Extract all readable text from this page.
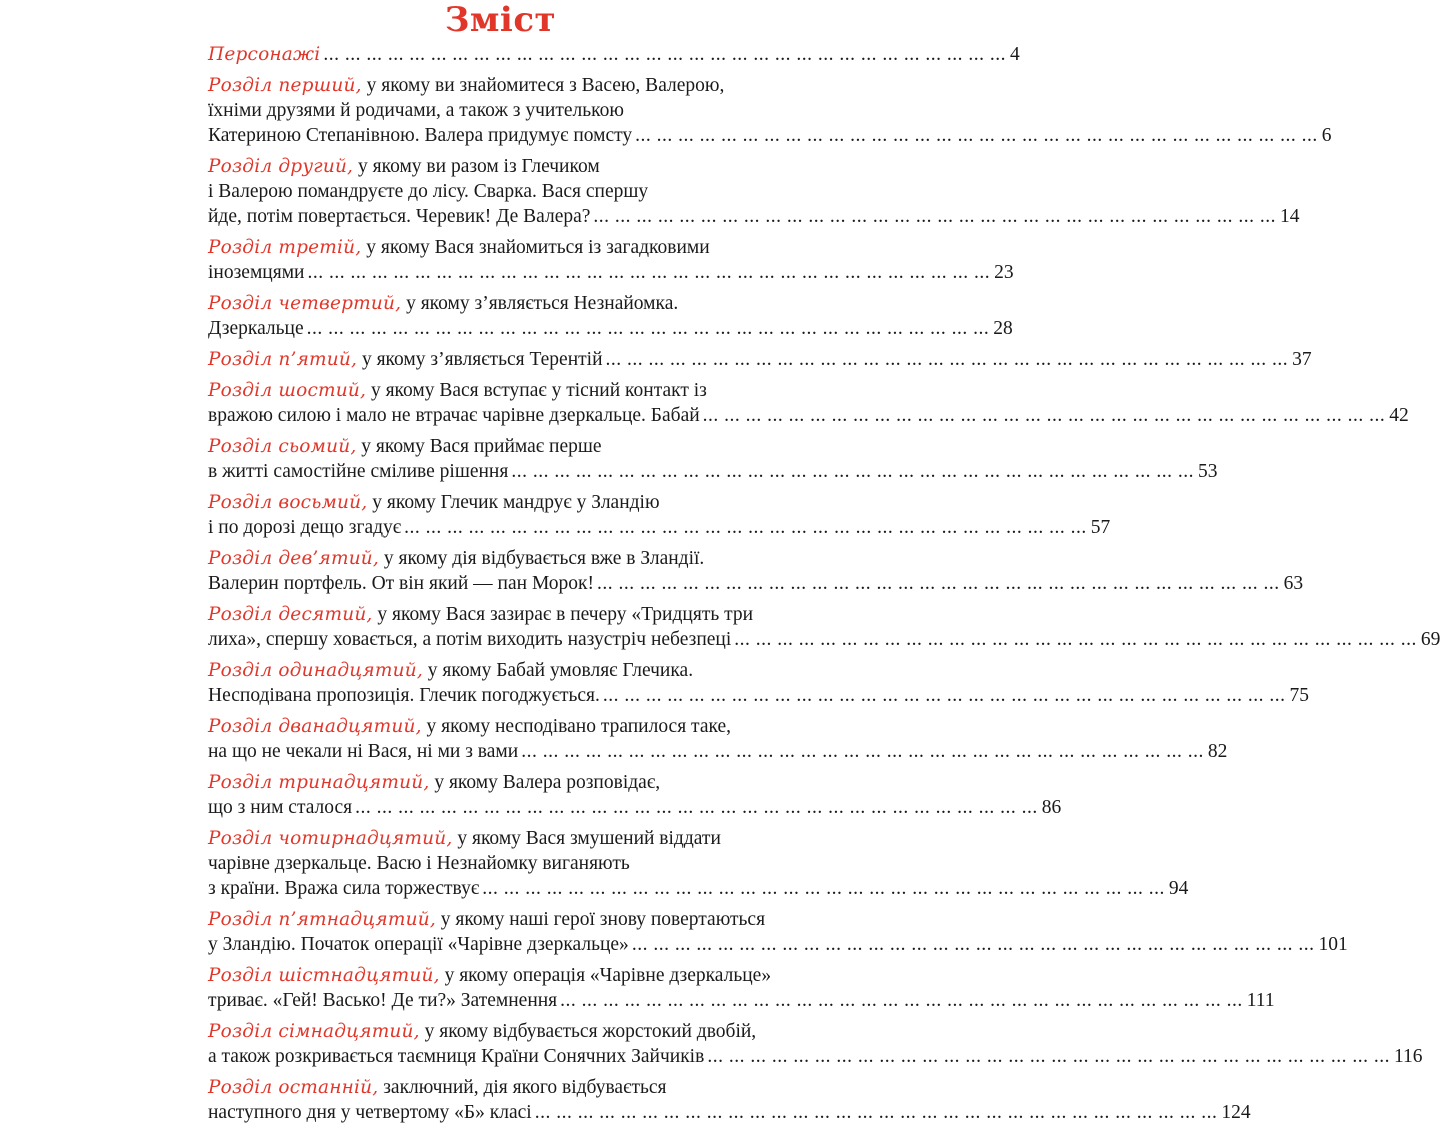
Зміст
Персонажі ... ... ... ... ... ... ... ... ... ... ... ... ... ... ... ... ... ... ... ... ... ... ... ... ... ... ... ... ... ... ... ... 4
Розділ перший, у якому ви знайомитеся з Васею, Валерою,
їхніми друзями й родичами, а також з учителькою
Катериною Степанівною. Валера придумує помсту ... ... ... ... ... ... ... ... ... ... ... ... ... ... ... ... ... ... ... ... ... ... ... ... ... ... ... ... ... ... ... ... 6
Розділ другий, у якому ви разом із Глечиком
і Валерою помандруєте до лісу. Сварка. Вася спершу
йде, потім повертається. Черевик! Де Валера? ... ... ... ... ... ... ... ... ... ... ... ... ... ... ... ... ... ... ... ... ... ... ... ... ... ... ... ... ... ... ... ... 14
Розділ третій, у якому Вася знайомиться із загадковими
іноземцями ... ... ... ... ... ... ... ... ... ... ... ... ... ... ... ... ... ... ... ... ... ... ... ... ... ... ... ... ... ... ... ... 23
Розділ четвертий, у якому з’являється Незнайомка.
Дзеркальце ... ... ... ... ... ... ... ... ... ... ... ... ... ... ... ... ... ... ... ... ... ... ... ... ... ... ... ... ... ... ... ... 28
Розділ п’ятий, у якому з’являється Терентій ... ... ... ... ... ... ... ... ... ... ... ... ... ... ... ... ... ... ... ... ... ... ... ... ... ... ... ... ... ... ... ... 37
Розділ шостий, у якому Вася вступає у тісний контакт із
вражою силою і мало не втрачає чарівне дзеркальце. Бабай ... ... ... ... ... ... ... ... ... ... ... ... ... ... ... ... ... ... ... ... ... ... ... ... ... ... ... ... ... ... ... ... 42
Розділ сьомий, у якому Вася приймає перше
в житті самостійне сміливе рішення ... ... ... ... ... ... ... ... ... ... ... ... ... ... ... ... ... ... ... ... ... ... ... ... ... ... ... ... ... ... ... ... 53
Розділ восьмий, у якому Глечик мандрує у Зландію
і по дорозі дещо згадує ... ... ... ... ... ... ... ... ... ... ... ... ... ... ... ... ... ... ... ... ... ... ... ... ... ... ... ... ... ... ... ... 57
Розділ дев’ятий, у якому дія відбувається вже в Зландії.
Валерин портфель. От він який — пан Морок! ... ... ... ... ... ... ... ... ... ... ... ... ... ... ... ... ... ... ... ... ... ... ... ... ... ... ... ... ... ... ... ... 63
Розділ десятий, у якому Вася зазирає в печеру «Тридцять три
лиха», спершу ховається, а потім виходить назустріч небезпеці ... ... ... ... ... ... ... ... ... ... ... ... ... ... ... ... ... ... ... ... ... ... ... ... ... ... ... ... ... ... ... ... 69
Розділ одинадцятий, у якому Бабай умовляє Глечика.
Несподівана пропозиція. Глечик погоджується. ... ... ... ... ... ... ... ... ... ... ... ... ... ... ... ... ... ... ... ... ... ... ... ... ... ... ... ... ... ... ... ... 75
Розділ дванадцятий, у якому несподівано трапилося таке,
на що не чекали ні Вася, ні ми з вами ... ... ... ... ... ... ... ... ... ... ... ... ... ... ... ... ... ... ... ... ... ... ... ... ... ... ... ... ... ... ... ... 82
Розділ тринадцятий, у якому Валера розповідає,
що з ним сталося ... ... ... ... ... ... ... ... ... ... ... ... ... ... ... ... ... ... ... ... ... ... ... ... ... ... ... ... ... ... ... ... 86
Розділ чотирнадцятий, у якому Вася змушений віддати
чарівне дзеркальце. Васю і Незнайомку виганяють
з країни. Вража сила торжествує ... ... ... ... ... ... ... ... ... ... ... ... ... ... ... ... ... ... ... ... ... ... ... ... ... ... ... ... ... ... ... ... 94
Розділ п’ятнадцятий, у якому наші герої знову повертаються
у Зландію. Початок операції «Чарівне дзеркальце» ... ... ... ... ... ... ... ... ... ... ... ... ... ... ... ... ... ... ... ... ... ... ... ... ... ... ... ... ... ... ... ... 101
Розділ шістнадцятий, у якому операція «Чарівне дзеркальце»
триває. «Гей! Васько! Де ти?» Затемнення ... ... ... ... ... ... ... ... ... ... ... ... ... ... ... ... ... ... ... ... ... ... ... ... ... ... ... ... ... ... ... ... 111
Розділ сімнадцятий, у якому відбувається жорстокий двобій,
а також розкривається таємниця Країни Сонячних Зайчиків ... ... ... ... ... ... ... ... ... ... ... ... ... ... ... ... ... ... ... ... ... ... ... ... ... ... ... ... ... ... ... ... 116
Розділ останній, заключний, дія якого відбувається
наступного дня у четвертому «Б» класі ... ... ... ... ... ... ... ... ... ... ... ... ... ... ... ... ... ... ... ... ... ... ... ... ... ... ... ... ... ... ... ... 124
